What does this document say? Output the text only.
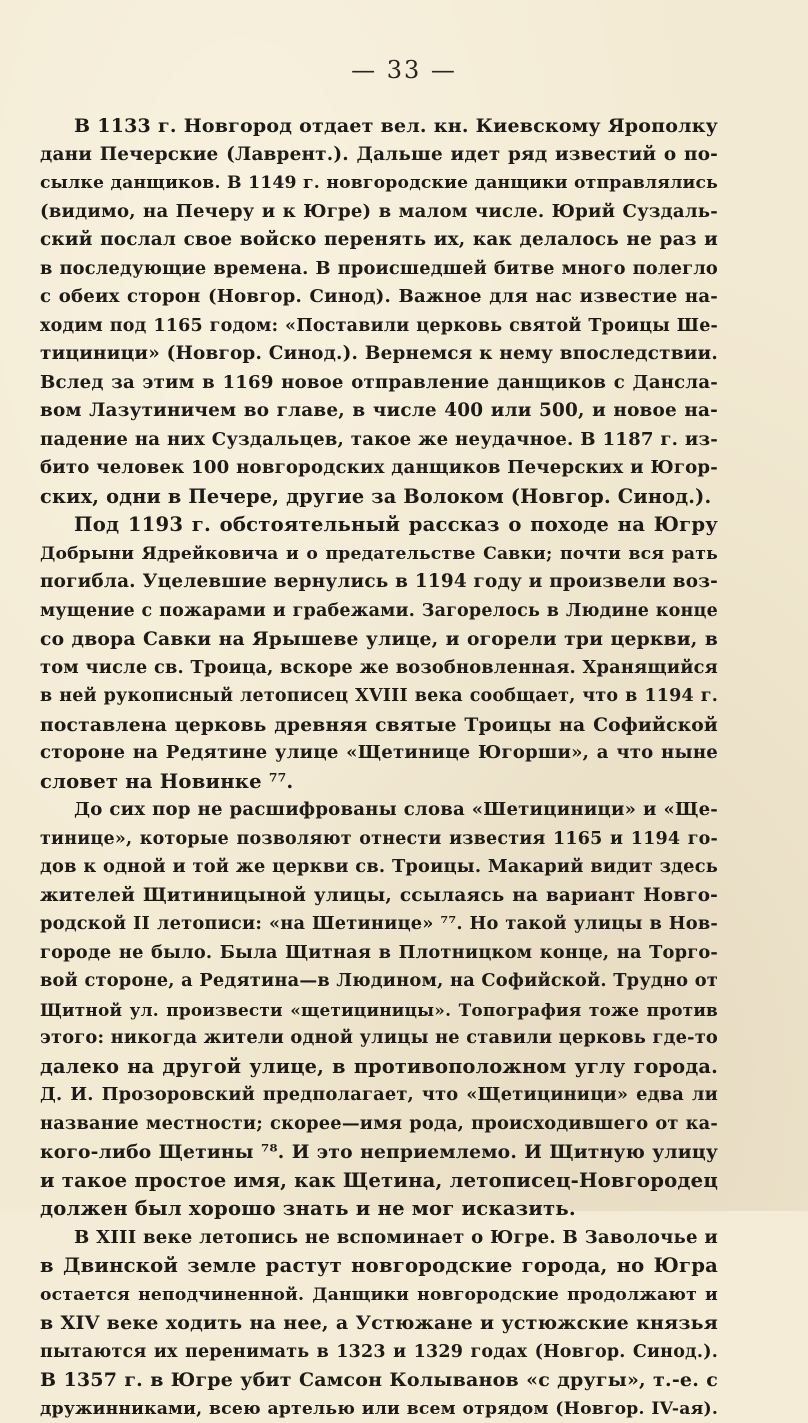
— 33 —
В 1133 г. Новгород отдает вел. кн. Киевскому Ярополку
дани Печерские (Лаврент.). Дальше идет ряд известий о по-
сылке данщиков. В 1149 г. новгородские данщики отправлялись
(видимо, на Печеру и к Югре) в малом числе. Юрий Суздаль-
ский послал свое войско перенять их, как делалось не раз и
в последующие времена. В происшедшей битве много полегло
с обеих сторон (Новгор. Синод). Важное для нас известие на-
ходим под 1165 годом: «Поставили церковь святой Троицы Ше-
тициници» (Новгор. Синод.). Вернемся к нему впоследствии.
Вслед за этим в 1169 новое отправление данщиков с Дансла-
вом Лазутиничем во главе, в числе 400 или 500, и новое на-
падение на них Суздальцев, такое же неудачное. В 1187 г. из-
бито человек 100 новгородских данщиков Печерских и Югор-
ских, одни в Печере, другие за Волоком (Новгор. Синод.).
Под 1193 г. обстоятельный рассказ о походе на Югру
Добрыни Ядрейковича и о предательстве Савки; почти вся рать
погибла. Уцелевшие вернулись в 1194 году и произвели воз-
мущение с пожарами и грабежами. Загорелось в Людине конце
со двора Савки на Ярышеве улице, и огорели три церкви, в
том числе св. Троица, вскоре же возобновленная. Хранящийся
в ней рукописный летописец XVIII века сообщает, что в 1194 г.
поставлена церковь древняя святые Троицы на Софийской
стороне на Редятине улице «Щетинице Югорши», а что ныне
словет на Новинке ⁷⁷.
До сих пор не расшифрованы слова «Шетициници» и «Ще-
тинице», которые позволяют отнести известия 1165 и 1194 го-
дов к одной и той же церкви св. Троицы. Макарий видит здесь
жителей Щитиницыной улицы, ссылаясь на вариант Новго-
родской II летописи: «на Шетинице» ⁷⁷. Но такой улицы в Нов-
городе не было. Была Щитная в Плотницком конце, на Торго-
вой стороне, а Редятина—в Людином, на Софийской. Трудно от
Щитной ул. произвести «щетициницы». Топография тоже против
этого: никогда жители одной улицы не ставили церковь где-то
далеко на другой улице, в противоположном углу города.
Д. И. Прозоровский предполагает, что «Щетициници» едва ли
название местности; скорее—имя рода, происходившего от ка-
кого-либо Щетины ⁷⁸. И это неприемлемо. И Щитную улицу
и такое простое имя, как Щетина, летописец-Новгородец
должен был хорошо знать и не мог исказить.
В XIII веке летопись не вспоминает о Югре. В Заволочье и
в Двинской земле растут новгородские города, но Югра
остается неподчиненной. Данщики новгородские продолжают и
в XIV веке ходить на нее, а Устюжане и устюжские князья
пытаются их перенимать в 1323 и 1329 годах (Новгор. Синод.).
В 1357 г. в Югре убит Самсон Колыванов «с другы», т.-е. с
дружинниками, всею артелью или всем отрядом (Новгор. IV-ая).
